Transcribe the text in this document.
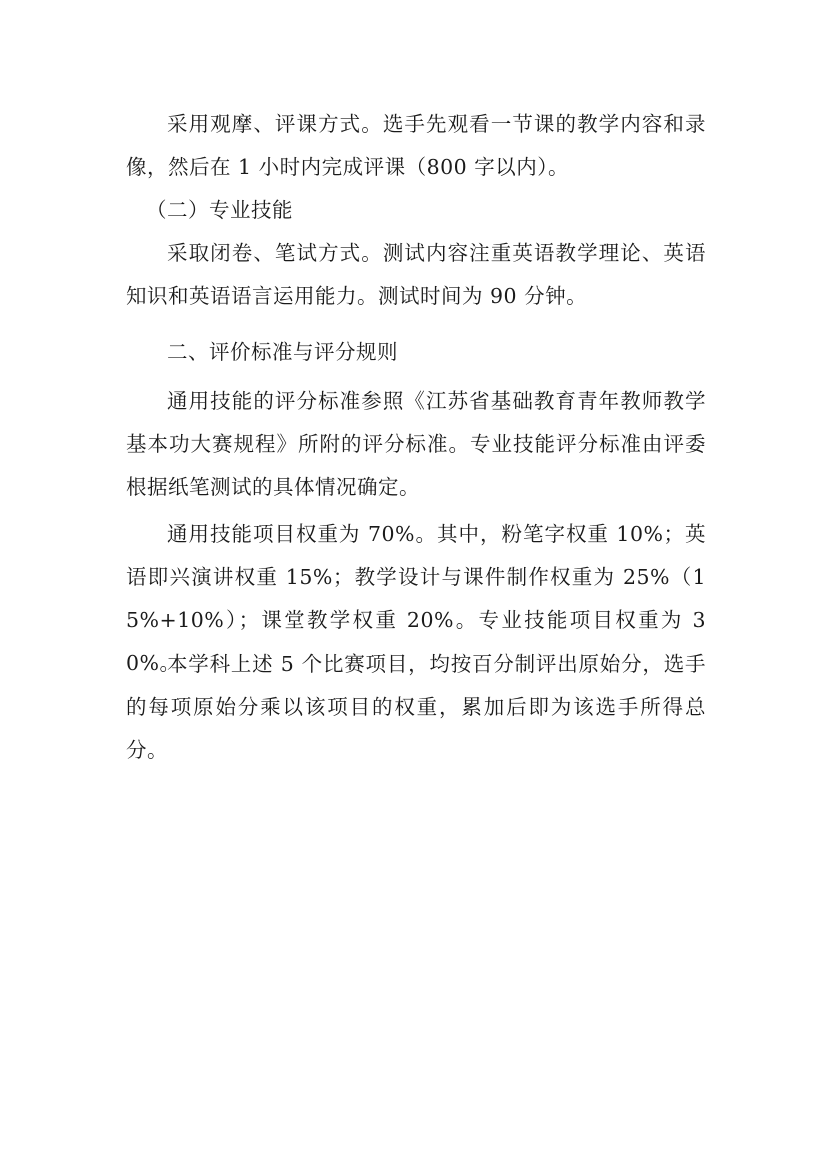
采用观摩、评课方式。选手先观看一节课的教学内容和录像，然后在 1 小时内完成评课（800 字以内）。

（二）专业技能

采取闭卷、笔试方式。测试内容注重英语教学理论、英语知识和英语语言运用能力。测试时间为 90 分钟。

二、评价标准与评分规则

通用技能的评分标准参照《江苏省基础教育青年教师教学基本功大赛规程》所附的评分标准。专业技能评分标准由评委根据纸笔测试的具体情况确定。

通用技能项目权重为 70%。其中，粉笔字权重 10%；英语即兴演讲权重 15%；教学设计与课件制作权重为 25%（15%+10%）；课堂教学权重 20%。专业技能项目权重为 30%。

本学科上述 5 个比赛项目，均按百分制评出原始分，选手的每项原始分乘以该项目的权重，累加后即为该选手所得总分。
